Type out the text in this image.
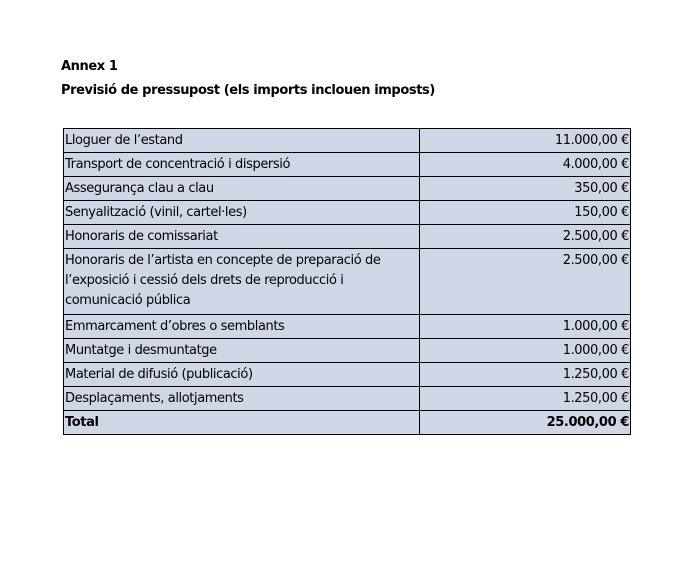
Annex 1
Previsió de pressupost (els imports inclouen imposts)
Lloguer de l’estand	11.000,00 €
Transport de concentració i dispersió	4.000,00 €
Assegurança clau a clau	350,00 €
Senyalització (vinil, cartel·les)	150,00 €
Honoraris de comissariat	2.500,00 €
Honoraris de l’artista en concepte de preparació de l’exposició i cessió dels drets de reproducció i comunicació pública	2.500,00 €
Emmarcament d’obres o semblants	1.000,00 €
Muntatge i desmuntatge	1.000,00 €
Material de difusió (publicació)	1.250,00 €
Desplaçaments, allotjaments	1.250,00 €
Total	25.000,00 €
